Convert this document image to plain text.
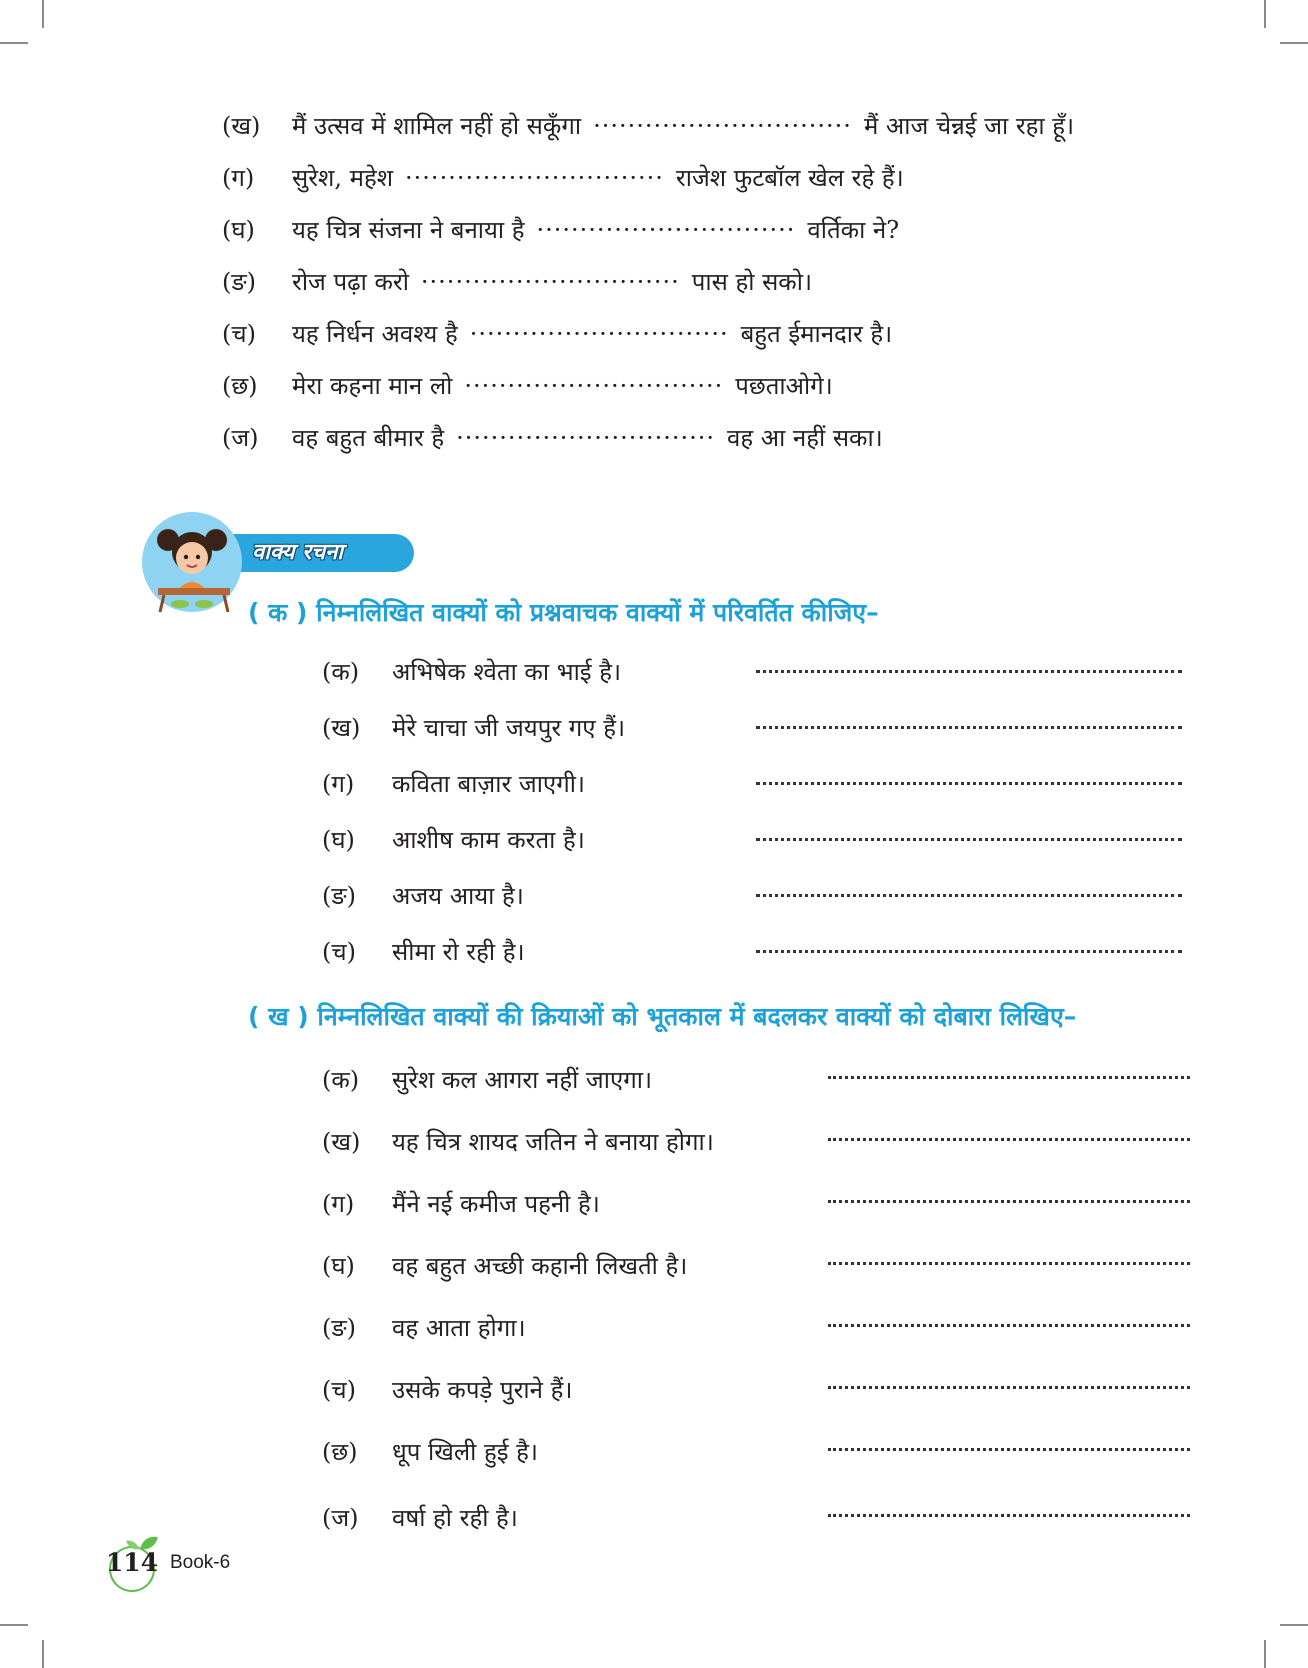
(ख) मैं उत्सव में शामिल नहीं हो सकूँगा ······························ मैं आज चेन्नई जा रहा हूँ।
(ग) सुरेश, महेश ······························ राजेश फुटबॉल खेल रहे हैं।
(घ) यह चित्र संजना ने बनाया है ······························ वर्तिका ने?
(ङ) रोज पढ़ा करो ······························ पास हो सको।
(च) यह निर्धन अवश्य है ······························ बहुत ईमानदार है।
(छ) मेरा कहना मान लो ······························ पछताओगे।
(ज) वह बहुत बीमार है ······························ वह आ नहीं सका।
वाक्य रचना
( क ) निम्नलिखित वाक्यों को प्रश्नवाचक वाक्यों में परिवर्तित कीजिए–
(क) अभिषेक श्वेता का भाई है।
(ख) मेरे चाचा जी जयपुर गए हैं।
(ग) कविता बाज़ार जाएगी।
(घ) आशीष काम करता है।
(ङ) अजय आया है।
(च) सीमा रो रही है।
( ख ) निम्नलिखित वाक्यों की क्रियाओं को भूतकाल में बदलकर वाक्यों को दोबारा लिखिए–
(क) सुरेश कल आगरा नहीं जाएगा।
(ख) यह चित्र शायद जतिन ने बनाया होगा।
(ग) मैंने नई कमीज पहनी है।
(घ) वह बहुत अच्छी कहानी लिखती है।
(ङ) वह आता होगा।
(च) उसके कपड़े पुराने हैं।
(छ) धूप खिली हुई है।
(ज) वर्षा हो रही है।
114 Book-6
